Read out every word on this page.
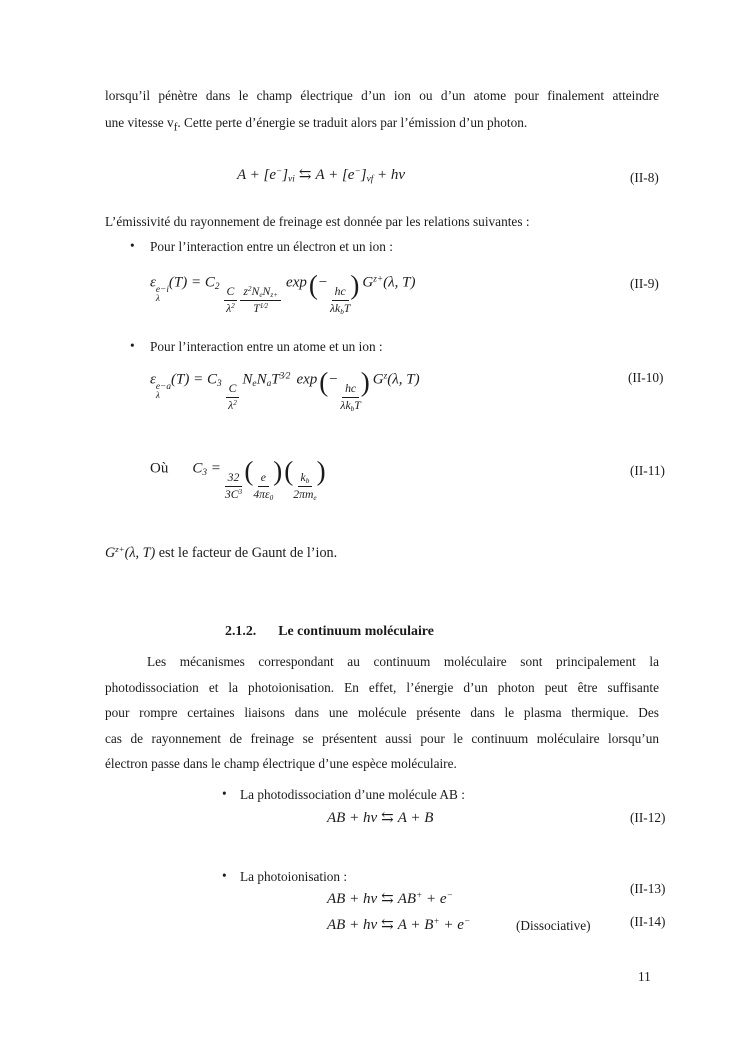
lorsqu’il pénètre dans le champ électrique d’un ion ou d’un atome pour finalement atteindre
une vitesse $v_f$. Cette perte d’énergie se traduit alors par l’émission d’un photon.
$A + [e^-]_{vi}$ ⇆ $A + [e^-]_{vf} + h\nu$	(II-8)
L’émissivité du rayonnement de freinage est donnée par les relations suivantes :
• Pour l’interaction entre un électron et un ion :
ε e−i
λ
$(T) = C_2 \frac{C}{\lambda^2} \frac{z^2N_eN_{z+}}{T^{1⁄2}}$
exp(−
$\frac{hc}{\lambda k_bT}$ ) $G^{z+}(\lambda$, T)	(II-9)
• Pour l’interaction entre un atome et un ion :
ε e−a
λ
$(T) = C_3 \frac{C}{\lambda^2}$
$N_eN_aT^{3⁄2}$ exp(−
$\frac{hc}{\lambda k_bT}$ ) $G^z(\lambda$, T)	(II-10)
Où $C_3$ =
$\frac{32}{3C^3}$ ( $\frac{e}{4\pi\varepsilon_0}$ )( $\frac{k_b}{2\pi m_e}$ )	(II-11)
$G^{z+}(\lambda$, T) est le facteur de Gaunt de l’ion.
2.1.2. Le continuum moléculaire
Les mécanismes correspondant au continuum moléculaire sont principalement la
photodissociation et la photoionisation. En effet, l’énergie d’un photon peut être suffisante
pour rompre certaines liaisons dans une molécule présente dans le plasma thermique. Des
cas de rayonnement de freinage se présentent aussi pour le continuum moléculaire lorsqu’un
électron passe dans le champ électrique d’une espèce moléculaire.
• La photodissociation d’une molécule AB :
AB + hν ⇆ A + B	(II-12)
• La photoionisation :
AB + hν ⇆ AB+ + e−	(II-13)
AB + hν ⇆ A + B+ + e−	(Dissociative)	(II-14)
11
